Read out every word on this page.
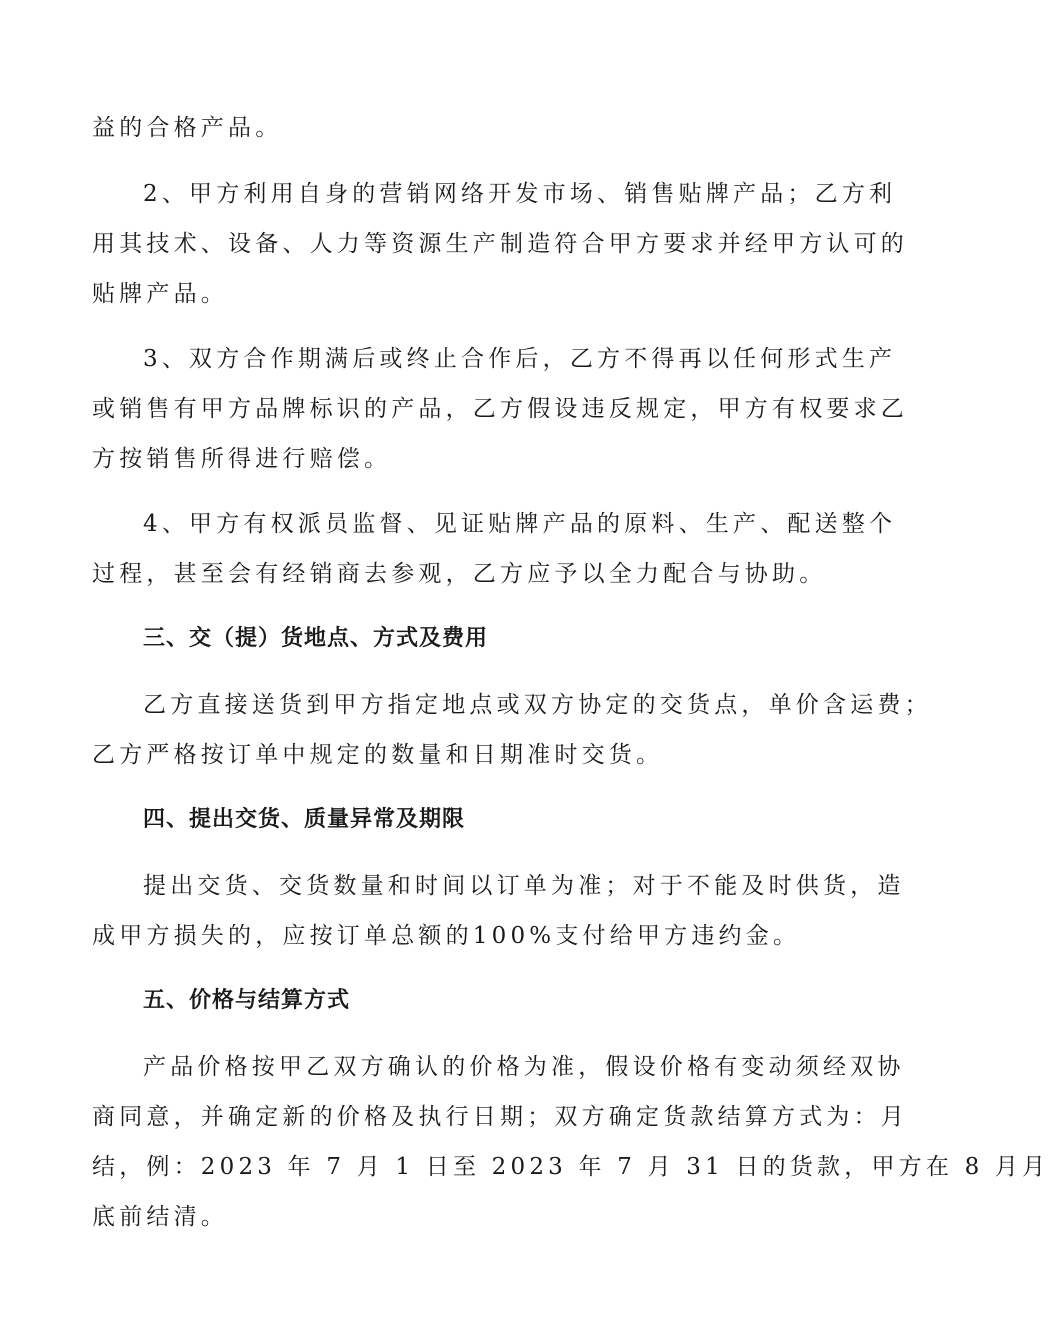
益的合格产品。
2、甲方利用自身的营销网络开发市场、销售贴牌产品；乙方利
用其技术、设备、人力等资源生产制造符合甲方要求并经甲方认可的
贴牌产品。
3、双方合作期满后或终止合作后，乙方不得再以任何形式生产
或销售有甲方品牌标识的产品，乙方假设违反规定，甲方有权要求乙
方按销售所得进行赔偿。
4、甲方有权派员监督、见证贴牌产品的原料、生产、配送整个
过程，甚至会有经销商去参观，乙方应予以全力配合与协助。
三、交（提）货地点、方式及费用
乙方直接送货到甲方指定地点或双方协定的交货点，单价含运费；
乙方严格按订单中规定的数量和日期准时交货。
四、提出交货、质量异常及期限
提出交货、交货数量和时间以订单为准；对于不能及时供货，造
成甲方损失的，应按订单总额的100%支付给甲方违约金。
五、价格与结算方式
产品价格按甲乙双方确认的价格为准，假设价格有变动须经双协
商同意，并确定新的价格及执行日期；双方确定货款结算方式为：月
结，例：2023 年 7 月 1 日至 2023 年 7 月 31 日的货款，甲方在 8 月月
底前结清。
